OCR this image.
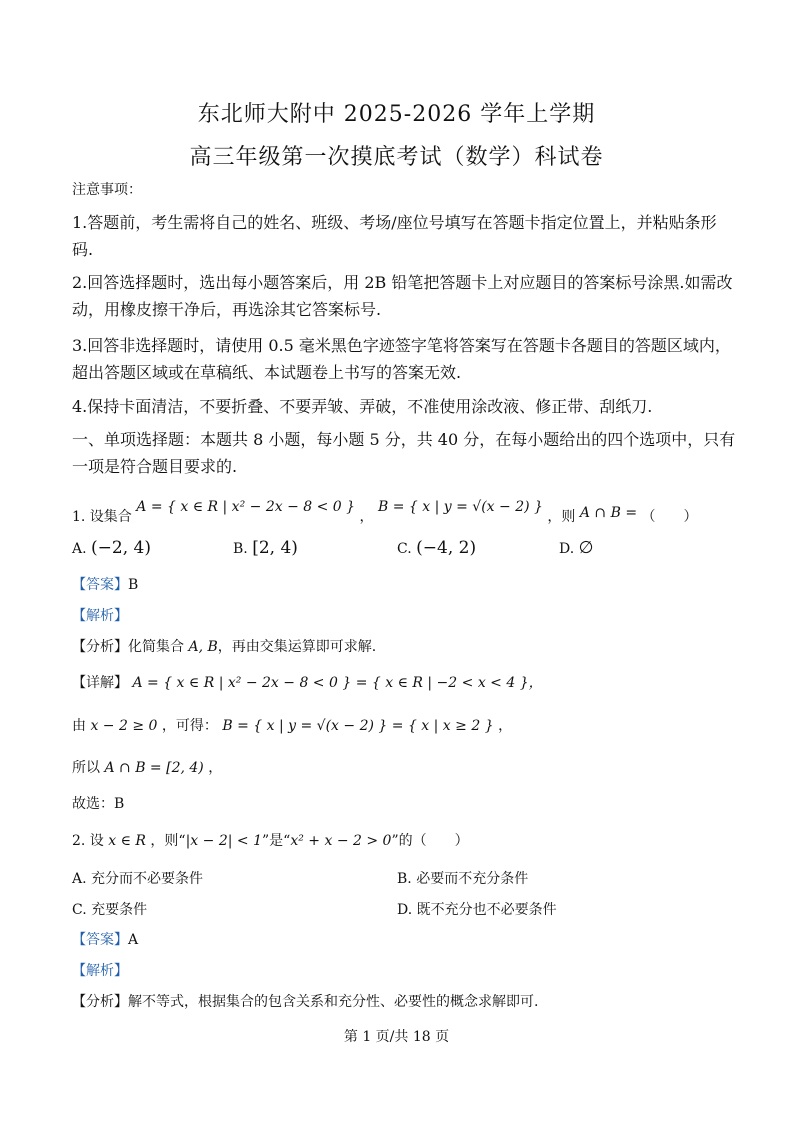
东北师大附中 2025-2026 学年上学期
高三年级第一次摸底考试（数学）科试卷
注意事项：
1.答题前，考生需将自己的姓名、班级、考场/座位号填写在答题卡指定位置上，并粘贴条形
码.
2.回答选择题时，选出每小题答案后，用 2B 铅笔把答题卡上对应题目的答案标号涂黑.如需改
动，用橡皮擦干净后，再选涂其它答案标号.
3.回答非选择题时，请使用 0.5 毫米黑色字迹签字笔将答案写在答题卡各题目的答题区域内，
超出答题区域或在草稿纸、本试题卷上书写的答案无效.
4.保持卡面清洁，不要折叠、不要弄皱、弄破，不准使用涂改液、修正带、刮纸刀.
一、单项选择题：本题共 8 小题，每小题 5 分，共 40 分，在每小题给出的四个选项中，只有
一项是符合题目要求的.
1. 设集合 A = { x ∈ R | x² − 2x − 8 < 0 } ， B = { x | y = √(x − 2) } ，则 A ∩ B = （　　）
A. (−2, 4)	B. [2, 4)	C. (−4, 2)	D. ∅
【答案】B
【解析】
【分析】化简集合 A, B，再由交集运算即可求解.
【详解】 A = { x ∈ R | x² − 2x − 8 < 0 } = { x ∈ R | −2 < x < 4 }，
由 x − 2 ≥ 0 ，可得： B = { x | y = √(x − 2) } = { x | x ≥ 2 } ，
所以 A ∩ B = [2, 4) ，
故选：B
2. 设 x ∈ R ，则“|x − 2| < 1”是“x² + x − 2 > 0”的（　　）
A. 充分而不必要条件	B. 必要而不充分条件
C. 充要条件	D. 既不充分也不必要条件
【答案】A
【解析】
【分析】解不等式，根据集合的包含关系和充分性、必要性的概念求解即可.
第 1 页/共 18 页
